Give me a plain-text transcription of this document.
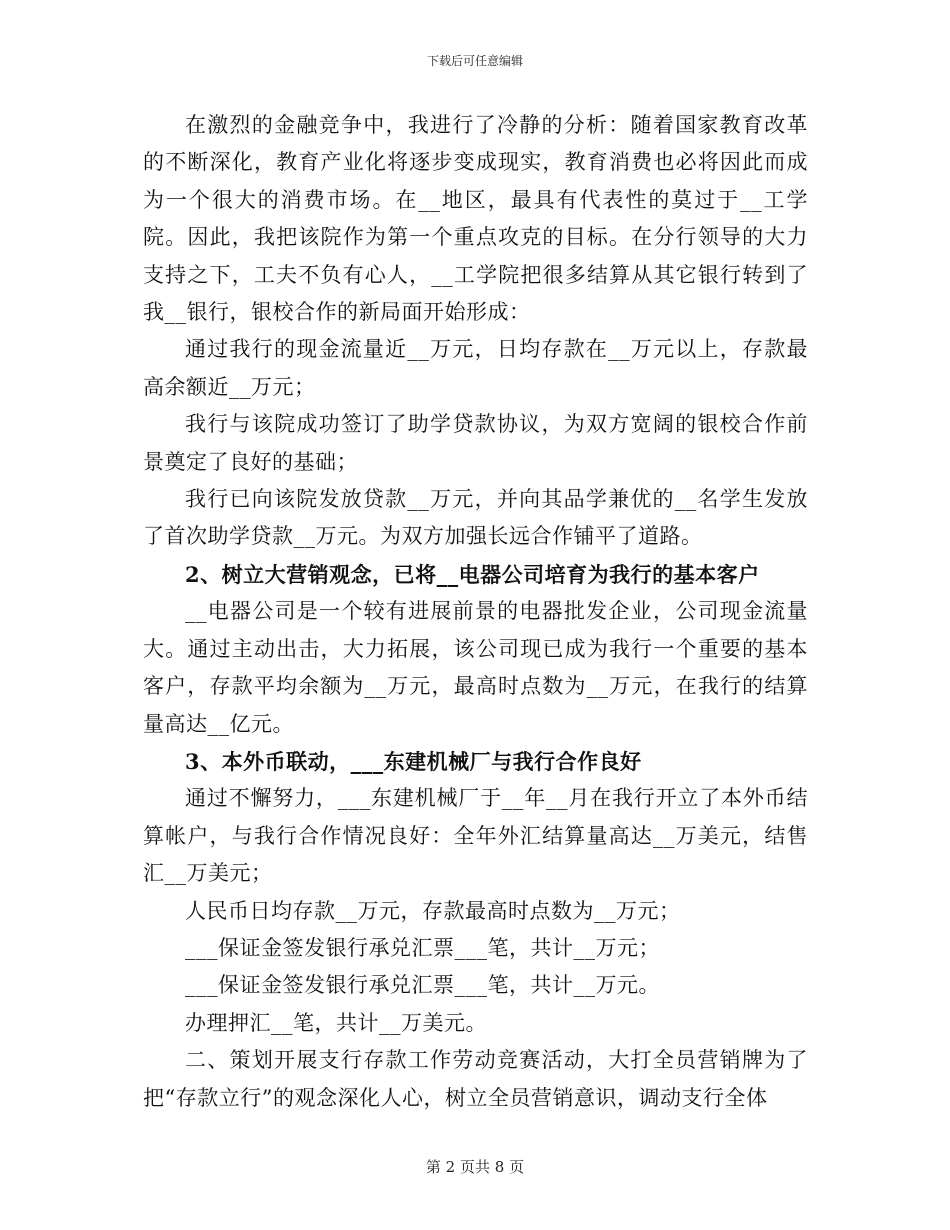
下载后可任意编辑

在激烈的金融竞争中，我进行了冷静的分析：随着国家教育改革的不断深化，教育产业化将逐步变成现实，教育消费也必将因此而成为一个很大的消费市场。在__地区，最具有代表性的莫过于__工学院。因此，我把该院作为第一个重点攻克的目标。在分行领导的大力支持之下，工夫不负有心人，__工学院把很多结算从其它银行转到了我__银行，银校合作的新局面开始形成：

通过我行的现金流量近__万元，日均存款在__万元以上，存款最高余额近__万元；

我行与该院成功签订了助学贷款协议，为双方宽阔的银校合作前景奠定了良好的基础；

我行已向该院发放贷款__万元，并向其品学兼优的__名学生发放了首次助学贷款__万元。为双方加强长远合作铺平了道路。

2、树立大营销观念，已将__电器公司培育为我行的基本客户

__电器公司是一个较有进展前景的电器批发企业，公司现金流量大。通过主动出击，大力拓展，该公司现已成为我行一个重要的基本客户，存款平均余额为__万元，最高时点数为__万元，在我行的结算量高达__亿元。

3、本外币联动，___东建机械厂与我行合作良好

通过不懈努力，___东建机械厂于__年__月在我行开立了本外币结算帐户，与我行合作情况良好：全年外汇结算量高达__万美元，结售汇__万美元；

人民币日均存款__万元，存款最高时点数为__万元；

___保证金签发银行承兑汇票___笔，共计__万元；

___保证金签发银行承兑汇票___笔，共计__万元。

办理押汇__笔，共计__万美元。

二、策划开展支行存款工作劳动竞赛活动，大打全员营销牌为了把“存款立行”的观念深化人心，树立全员营销意识，调动支行全体

第 2 页共 8 页
